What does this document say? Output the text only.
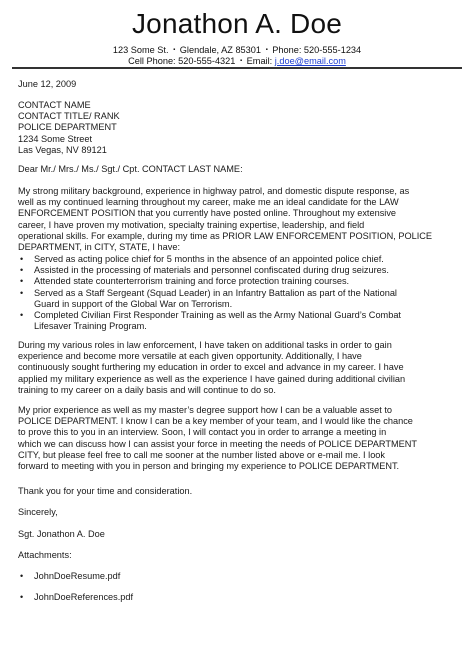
Jonathon A. Doe
123 Some St. ▪ Glendale, AZ 85301 ▪ Phone: 520-555-1234
Cell Phone: 520-555-4321 ▪ Email: j.doe@email.com
June 12, 2009
CONTACT NAME
CONTACT TITLE/ RANK
POLICE DEPARTMENT
1234 Some Street
Las Vegas, NV 89121
Dear Mr./ Mrs./ Ms./ Sgt./ Cpt. CONTACT LAST NAME:
My strong military background, experience in highway patrol, and domestic dispute response, as
well as my continued learning throughout my career, make me an ideal candidate for the LAW
ENFORCEMENT POSITION that you currently have posted online. Throughout my extensive
career, I have proven my motivation, specialty training expertise, leadership, and field
operational skills. For example, during my time as PRIOR LAW ENFORCEMENT POSITION, POLICE
DEPARTMENT, in CITY, STATE, I have:
• Served as acting police chief for 5 months in the absence of an appointed police chief.
• Assisted in the processing of materials and personnel confiscated during drug seizures.
• Attended state counterterrorism training and force protection training courses.
• Served as a Staff Sergeant (Squad Leader) in an Infantry Battalion as part of the National
Guard in support of the Global War on Terrorism.
• Completed Civilian First Responder Training as well as the Army National Guard’s Combat
Lifesaver Training Program.
During my various roles in law enforcement, I have taken on additional tasks in order to gain
experience and become more versatile at each given opportunity. Additionally, I have
continuously sought furthering my education in order to excel and advance in my career. I have
applied my military experience as well as the experience I have gained during additional civilian
training to my career on a daily basis and will continue to do so.
My prior experience as well as my master’s degree support how I can be a valuable asset to
POLICE DEPARTMENT. I know I can be a key member of your team, and I would like the chance
to prove this to you in an interview. Soon, I will contact you in order to arrange a meeting in
which we can discuss how I can assist your force in meeting the needs of POLICE DEPARTMENT
CITY, but please feel free to call me sooner at the number listed above or e-mail me. I look
forward to meeting with you in person and bringing my experience to POLICE DEPARTMENT.
Thank you for your time and consideration.
Sincerely,
Sgt. Jonathon A. Doe
Attachments:
• JohnDoeResume.pdf
• JohnDoeReferences.pdf
